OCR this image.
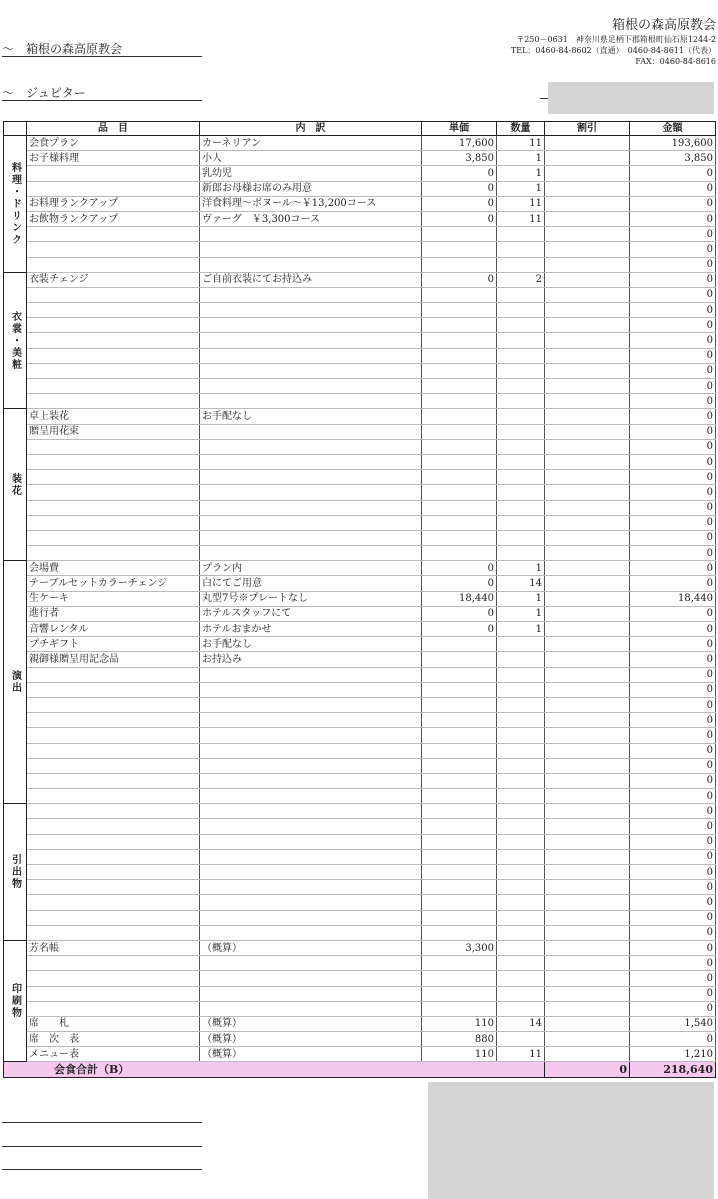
〜　箱根の森高原教会
〜　ジュピター
箱根の森高原教会
〒250－0631　神奈川県足柄下郡箱根町仙石原1244-2
TEL：0460-84-8602（直通）　0460-84-8611（代表）
FAX：0460-84-8616
	品　目	内　訳	単価	数量	割引	金額
料理・ドリンク	会食プラン	カーネリアン	17,600	11		193,600
	お子様料理	小人	3,850	1		3,850
		乳幼児	0	1		0
		新郎お母様お席のみ用意	0	1		0
	お料理ランクアップ	洋食料理～ボヌール～￥13,200コース	0	11		0
	お飲物ランクアップ	ヴァーグ　￥3,300コース	0	11		0
						0
						0
						0
衣裳・美粧	衣装チェンジ	ご自前衣装にてお持込み	0	2		0
						0
						0
						0
						0
						0
						0
						0
						0
装花	卓上装花	お手配なし				0
	贈呈用花束					0
						0
						0
						0
						0
						0
						0
						0
						0
演出	会場費	プラン内	0	1		0
	テーブルセットカラーチェンジ	白にてご用意	0	14		0
	生ケーキ	丸型7号※プレートなし	18,440	1		18,440
	進行者	ホテルスタッフにて	0	1		0
	音響レンタル	ホテルおまかせ	0	1		0
	プチギフト	お手配なし				0
	親御様贈呈用記念品	お持込み				0
						0
						0
						0
						0
						0
						0
						0
						0
						0
引出物						0
						0
						0
						0
						0
						0
						0
						0
						0
印刷物	芳名帳	（概算）	3,300			0
						0
						0
						0
						0
	席　　札	（概算）	110	14		1,540
	席　次　表	（概算）	880			0
	メニュー表	（概算）	110	11		1,210
会食合計（B）					0	218,640
